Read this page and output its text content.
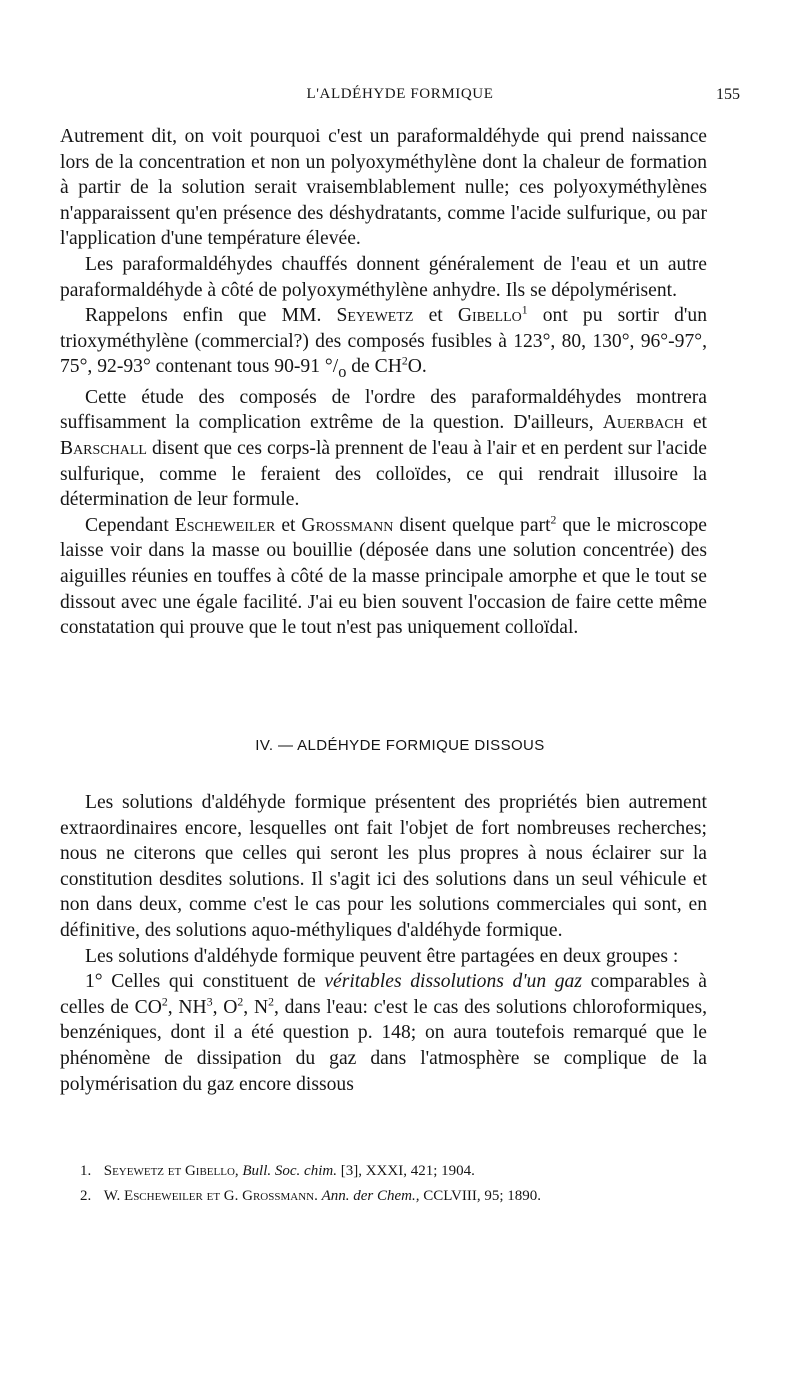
L'ALDÉHYDE FORMIQUE	155

Autrement dit, on voit pourquoi c'est un paraformaldéhyde qui prend naissance lors de la concentration et non un polyoxyméthylène dont la chaleur de formation à partir de la solution serait vraisemblablement nulle; ces polyoxyméthylènes n'apparaissent qu'en présence des déshydratants, comme l'acide sulfurique, ou par l'application d'une température élevée.

Les paraformaldéhydes chauffés donnent généralement de l'eau et un autre paraformaldéhyde à côté de polyoxyméthylène anhydre. Ils se dépolymérisent.

Rappelons enfin que MM. Seyewetz et Gibello$^1$ ont pu sortir d'un trioxyméthylène (commercial?) des composés fusibles à 123°, 80, 130°, 96°-97°, 75°, 92-93° contenant tous 90-91 $^\circ/_o$ de $CH^2O$.

Cette étude des composés de l'ordre des paraformaldéhydes montrera suffisamment la complication extrême de la question. D'ailleurs, Auerbach et Barschall disent que ces corps-là prennent de l'eau à l'air et en perdent sur l'acide sulfurique, comme le feraient des colloïdes, ce qui rendrait illusoire la détermination de leur formule.

Cependant Escheweiler et Grossmann disent quelque part$^2$ que le microscope laisse voir dans la masse ou bouillie (déposée dans une solution concentrée) des aiguilles réunies en touffes à côté de la masse principale amorphe et que le tout se dissout avec une égale facilité. J'ai eu bien souvent l'occasion de faire cette même constatation qui prouve que le tout n'est pas uniquement colloïdal.

IV. — ALDÉHYDE FORMIQUE DISSOUS

Les solutions d'aldéhyde formique présentent des propriétés bien autrement extraordinaires encore, lesquelles ont fait l'objet de fort nombreuses recherches; nous ne citerons que celles qui seront les plus propres à nous éclairer sur la constitution desdites solutions. Il s'agit ici des solutions dans un seul véhicule et non dans deux, comme c'est le cas pour les solutions commerciales qui sont, en définitive, des solutions aquo-méthyliques d'aldéhyde formique.

Les solutions d'aldéhyde formique peuvent être partagées en deux groupes :

1° Celles qui constituent de véritables dissolutions d'un gaz comparables à celles de $CO^2$, $NH^3$, $O^2$, $N^2$, dans l'eau: c'est le cas des solutions chloroformiques, benzéniques, dont il a été question p. 148; on aura toutefois remarqué que le phénomène de dissipation du gaz dans l'atmosphère se complique de la polymérisation du gaz encore dissous

1. Seyewetz et Gibello, Bull. Soc. chim. [3], XXXI, 421; 1904.

2. W. Escheweiler et G. Grossmann. Ann. der Chem., CCLVIII, 95; 1890.
